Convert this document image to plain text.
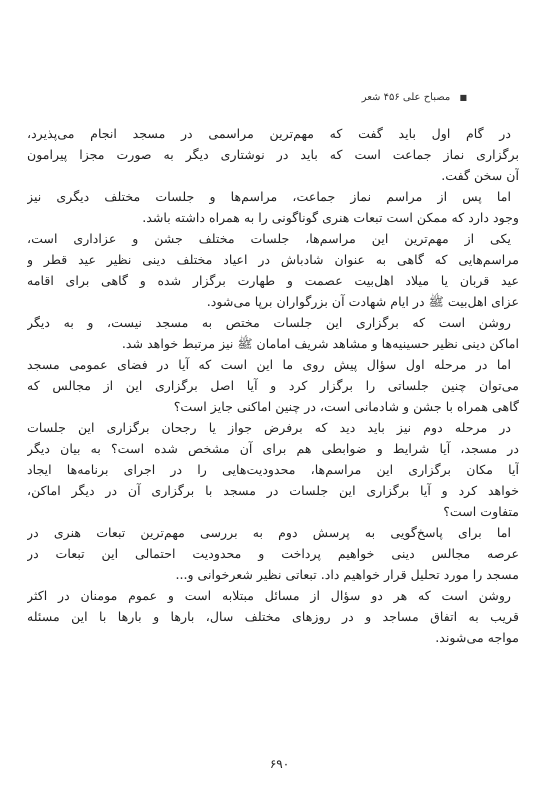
■ مصباح علی ۴۵۶ شعر
در گام اول باید گفت که مهم‌ترین مراسمی در مسجد انجام می‌پذیرد،
برگزاری نماز جماعت است که باید در نوشتاری دیگر به صورت مجزا پیرامون
آن سخن گفت.
اما پس از مراسم نماز جماعت، مراسم‌ها و جلسات مختلف دیگری نیز
وجود دارد که ممکن است تبعات هنری گوناگونی را به همراه داشته باشد.
یکی از مهم‌ترین این مراسم‌ها، جلسات مختلف جشن و عزاداری است،
مراسم‌هایی که گاهی به عنوان شادباش در اعیاد مختلف دینی نظیر عید قطر و
عید قربان یا میلاد اهل‌بیت عصمت و طهارت برگزار شده و گاهی برای اقامه
عزای اهل‌بیت ﷺ در ایام شهادت آن بزرگواران برپا می‌شود.
روشن است که برگزاری این جلسات مختص به مسجد نیست، و به دیگر
اماکن دینی نظیر حسینیه‌ها و مشاهد شریف امامان ﷺ نیز مرتبط خواهد شد.
اما در مرحله اول سؤال پیش روی ما این است که آیا در فضای عمومی مسجد
می‌توان چنین جلساتی را برگزار کرد و آیا اصل برگزاری این از مجالس که
گاهی همراه با جشن و شادمانی است، در چنین اماکنی جایز است؟
در مرحله دوم نیز باید دید که برفرض جواز یا رجحان برگزاری این جلسات
در مسجد، آیا شرایط و ضوابطی هم برای آن مشخص شده است؟ به بیان دیگر
آیا مکان برگزاری این مراسم‌ها، محدودیت‌هایی را در اجرای برنامه‌ها ایجاد
خواهد کرد و آیا برگزاری این جلسات در مسجد با برگزاری آن در دیگر اماکن،
متفاوت است؟
اما برای پاسخ‌گویی به پرسش دوم به بررسی مهم‌ترین تبعات هنری در
عرصه مجالس دینی خواهیم پرداخت و محدودیت احتمالی این تبعات در
مسجد را مورد تحلیل قرار خواهیم داد. تبعاتی نظیر شعرخوانی و...
روشن است که هر دو سؤال از مسائل مبتلابه است و عموم مومنان در اکثر
قریب به اتفاق مساجد و در روزهای مختلف سال، بارها و بارها با این مسئله
مواجه می‌شوند.
۶۹۰
